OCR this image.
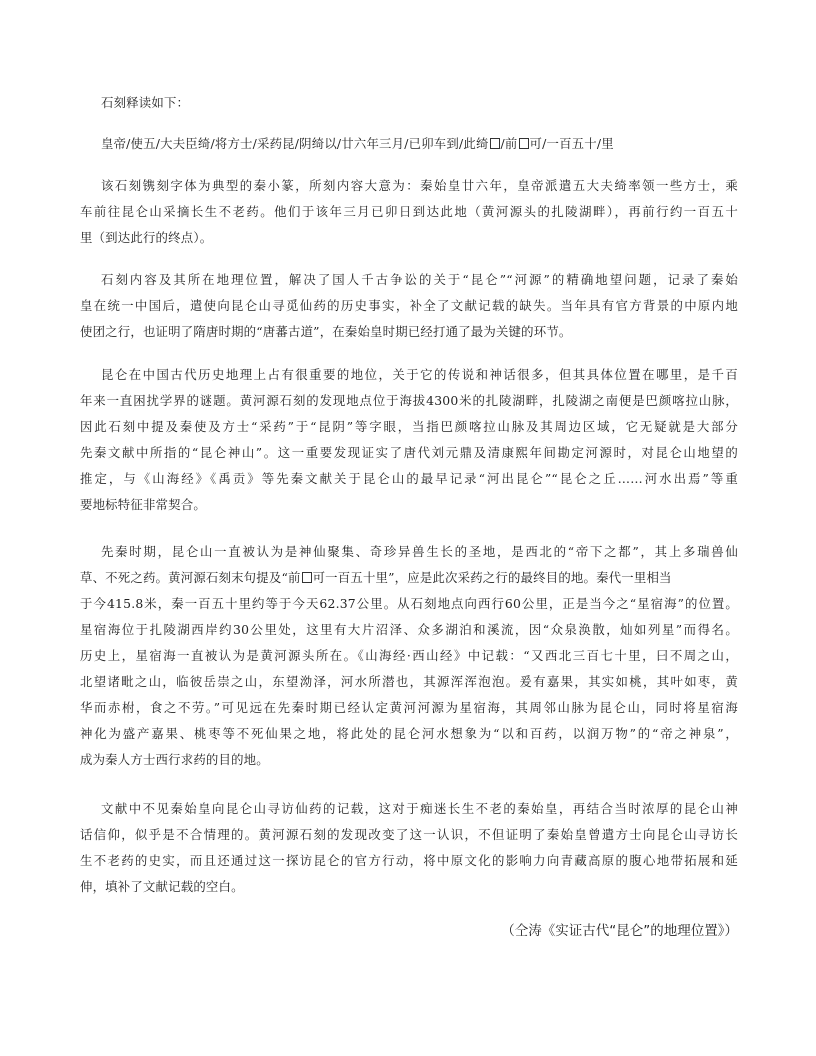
石刻释读如下：
皇帝/使五/大夫臣绮/将方士/采药昆/阴绮以/廿六年三月/已卯车到/此绮 /前 可/一百五十/里
该石刻镌刻字体为典型的秦小篆，所刻内容大意为：秦始皇廿六年，皇帝派遣五大夫绮率领一些方士，乘
车前往昆仑山采摘长生不老药。他们于该年三月已卯日到达此地（黄河源头的扎陵湖畔），再前行约一百五十
里（到达此行的终点）。
石刻内容及其所在地理位置，解决了国人千古争讼的关于“昆仑”“河源”的精确地望问题，记录了秦始
皇在统一中国后，遣使向昆仑山寻觅仙药的历史事实，补全了文献记载的缺失。当年具有官方背景的中原内地
使团之行，也证明了隋唐时期的“唐蕃古道”，在秦始皇时期已经打通了最为关键的环节。
昆仑在中国古代历史地理上占有很重要的地位，关于它的传说和神话很多，但其具体位置在哪里，是千百
年来一直困扰学界的谜题。黄河源石刻的发现地点位于海拔4300米的扎陵湖畔，扎陵湖之南便是巴颜喀拉山脉，
因此石刻中提及秦使及方士“采药”于“昆阴”等字眼，当指巴颜喀拉山脉及其周边区域，它无疑就是大部分
先秦文献中所指的“昆仑神山”。这一重要发现证实了唐代刘元鼎及清康熙年间勘定河源时，对昆仑山地望的
推定，与《山海经》《禹贡》等先秦文献关于昆仑山的最早记录“河出昆仑”“昆仑之丘……河水出焉”等重
要地标特征非常契合。
先秦时期，昆仑山一直被认为是神仙聚集、奇珍异兽生长的圣地，是西北的“帝下之都”，其上多瑞兽仙
草、不死之药。黄河源石刻末句提及“前 可一百五十里”，应是此次采药之行的最终目的地。秦代一里相当
于今415.8米，秦一百五十里约等于今天62.37公里。从石刻地点向西行60公里，正是当今之“星宿海”的位置。
星宿海位于扎陵湖西岸约30公里处，这里有大片沼泽、众多湖泊和溪流，因“众泉涣散，灿如列星”而得名。
历史上，星宿海一直被认为是黄河源头所在。《山海经·西山经》中记载：“又西北三百七十里，曰不周之山，
北望诸毗之山，临彼岳崇之山，东望泑泽，河水所潜也，其源浑浑泡泡。爰有嘉果，其实如桃，其叶如枣，黄
华而赤柎，食之不劳。”可见远在先秦时期已经认定黄河河源为星宿海，其周邻山脉为昆仑山，同时将星宿海
神化为盛产嘉果、桃枣等不死仙果之地，将此处的昆仑河水想象为“以和百药，以润万物”的“帝之神泉”，
成为秦人方士西行求药的目的地。
文献中不见秦始皇向昆仑山寻访仙药的记载，这对于痴迷长生不老的秦始皇，再结合当时浓厚的昆仑山神
话信仰，似乎是不合情理的。黄河源石刻的发现改变了这一认识，不但证明了秦始皇曾遣方士向昆仑山寻访长
生不老药的史实，而且还通过这一探访昆仑的官方行动，将中原文化的影响力向青藏高原的腹心地带拓展和延
伸，填补了文献记载的空白。
（仝涛《实证古代“昆仑”的地理位置》）
